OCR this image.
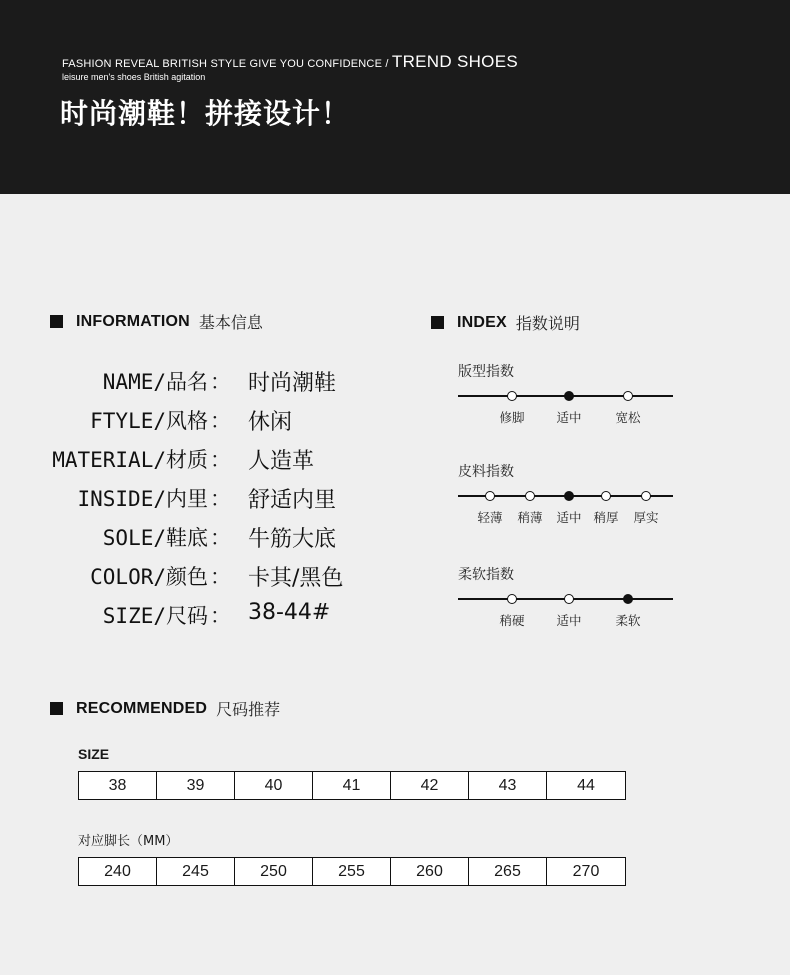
FASHION REVEAL BRITISH STYLE GIVE YOU CONFIDENCE / TREND SHOES
leisure men's shoes British agitation
时尚潮鞋！拼接设计！
INFORMATION 基本信息
NAME/品名 ： 时尚潮鞋
FTYLE/风格 ： 休闲
MATERIAL/材质 ： 人造革
INSIDE/内里 ： 舒适内里
SOLE/鞋底 ： 牛筋大底
COLOR/颜色 ： 卡其/黑色
SIZE/尺码 ： 38-44#
INDEX 指数说明
版型指数
修脚	适中	宽松
皮料指数
轻薄 稍薄 适中 稍厚 厚实
柔软指数
稍硬	适中	柔软
RECOMMENDED 尺码推荐
SIZE
38	39	40	41	42	43	44
对应脚长（MM）
240	245	250	255	260	265	270
